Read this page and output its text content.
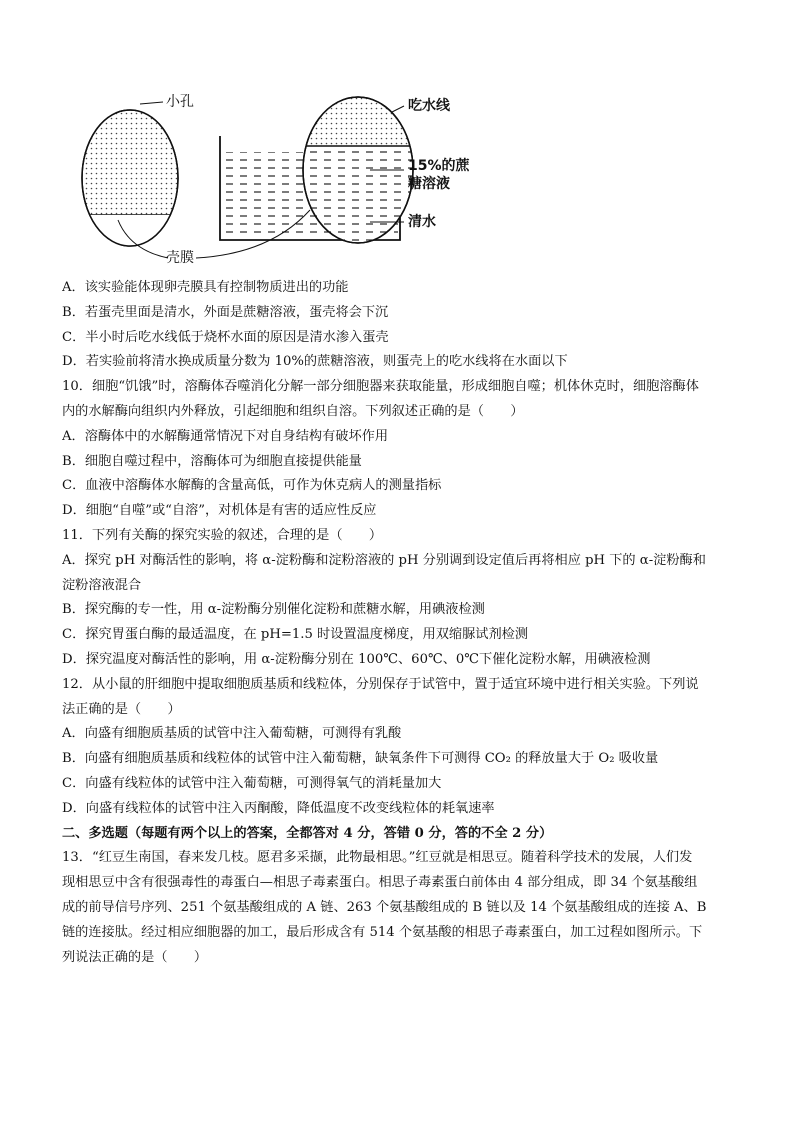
小孔
壳膜
吃水线
15%的蔗
糖溶液
清水
A．该实验能体现卵壳膜具有控制物质进出的功能
B．若蛋壳里面是清水，外面是蔗糖溶液，蛋壳将会下沉
C．半小时后吃水线低于烧杯水面的原因是清水渗入蛋壳
D．若实验前将清水换成质量分数为 10%的蔗糖溶液，则蛋壳上的吃水线将在水面以下
10．细胞“饥饿”时，溶酶体吞噬消化分解一部分细胞器来获取能量，形成细胞自噬；机体休克时，细胞溶酶体
内的水解酶向组织内外释放，引起细胞和组织自溶。下列叙述正确的是（　　）
A．溶酶体中的水解酶通常情况下对自身结构有破坏作用
B．细胞自噬过程中，溶酶体可为细胞直接提供能量
C．血液中溶酶体水解酶的含量高低，可作为休克病人的测量指标
D．细胞“自噬”或“自溶”，对机体是有害的适应性反应
11．下列有关酶的探究实验的叙述，合理的是（　　）
A．探究 pH 对酶活性的影响，将 α-淀粉酶和淀粉溶液的 pH 分别调到设定值后再将相应 pH 下的 α-淀粉酶和
淀粉溶液混合
B．探究酶的专一性，用 α-淀粉酶分别催化淀粉和蔗糖水解，用碘液检测
C．探究胃蛋白酶的最适温度，在 pH=1.5 时设置温度梯度，用双缩脲试剂检测
D．探究温度对酶活性的影响，用 α-淀粉酶分别在 100℃、60℃、0℃下催化淀粉水解，用碘液检测
12．从小鼠的肝细胞中提取细胞质基质和线粒体，分别保存于试管中，置于适宜环境中进行相关实验。下列说
法正确的是（　　）
A．向盛有细胞质基质的试管中注入葡萄糖，可测得有乳酸
B．向盛有细胞质基质和线粒体的试管中注入葡萄糖，缺氧条件下可测得 CO₂ 的释放量大于 O₂ 吸收量
C．向盛有线粒体的试管中注入葡萄糖，可测得氧气的消耗量加大
D．向盛有线粒体的试管中注入丙酮酸，降低温度不改变线粒体的耗氧速率
二、多选题（每题有两个以上的答案，全都答对 4 分，答错 0 分，答的不全 2 分）
13．“红豆生南国，春来发几枝。愿君多采撷，此物最相思。”红豆就是相思豆。随着科学技术的发展，人们发
现相思豆中含有很强毒性的毒蛋白—相思子毒素蛋白。相思子毒素蛋白前体由 4 部分组成，即 34 个氨基酸组
成的前导信号序列、251 个氨基酸组成的 A 链、263 个氨基酸组成的 B 链以及 14 个氨基酸组成的连接 A、B
链的连接肽。经过相应细胞器的加工，最后形成含有 514 个氨基酸的相思子毒素蛋白，加工过程如图所示。下
列说法正确的是（　　）
